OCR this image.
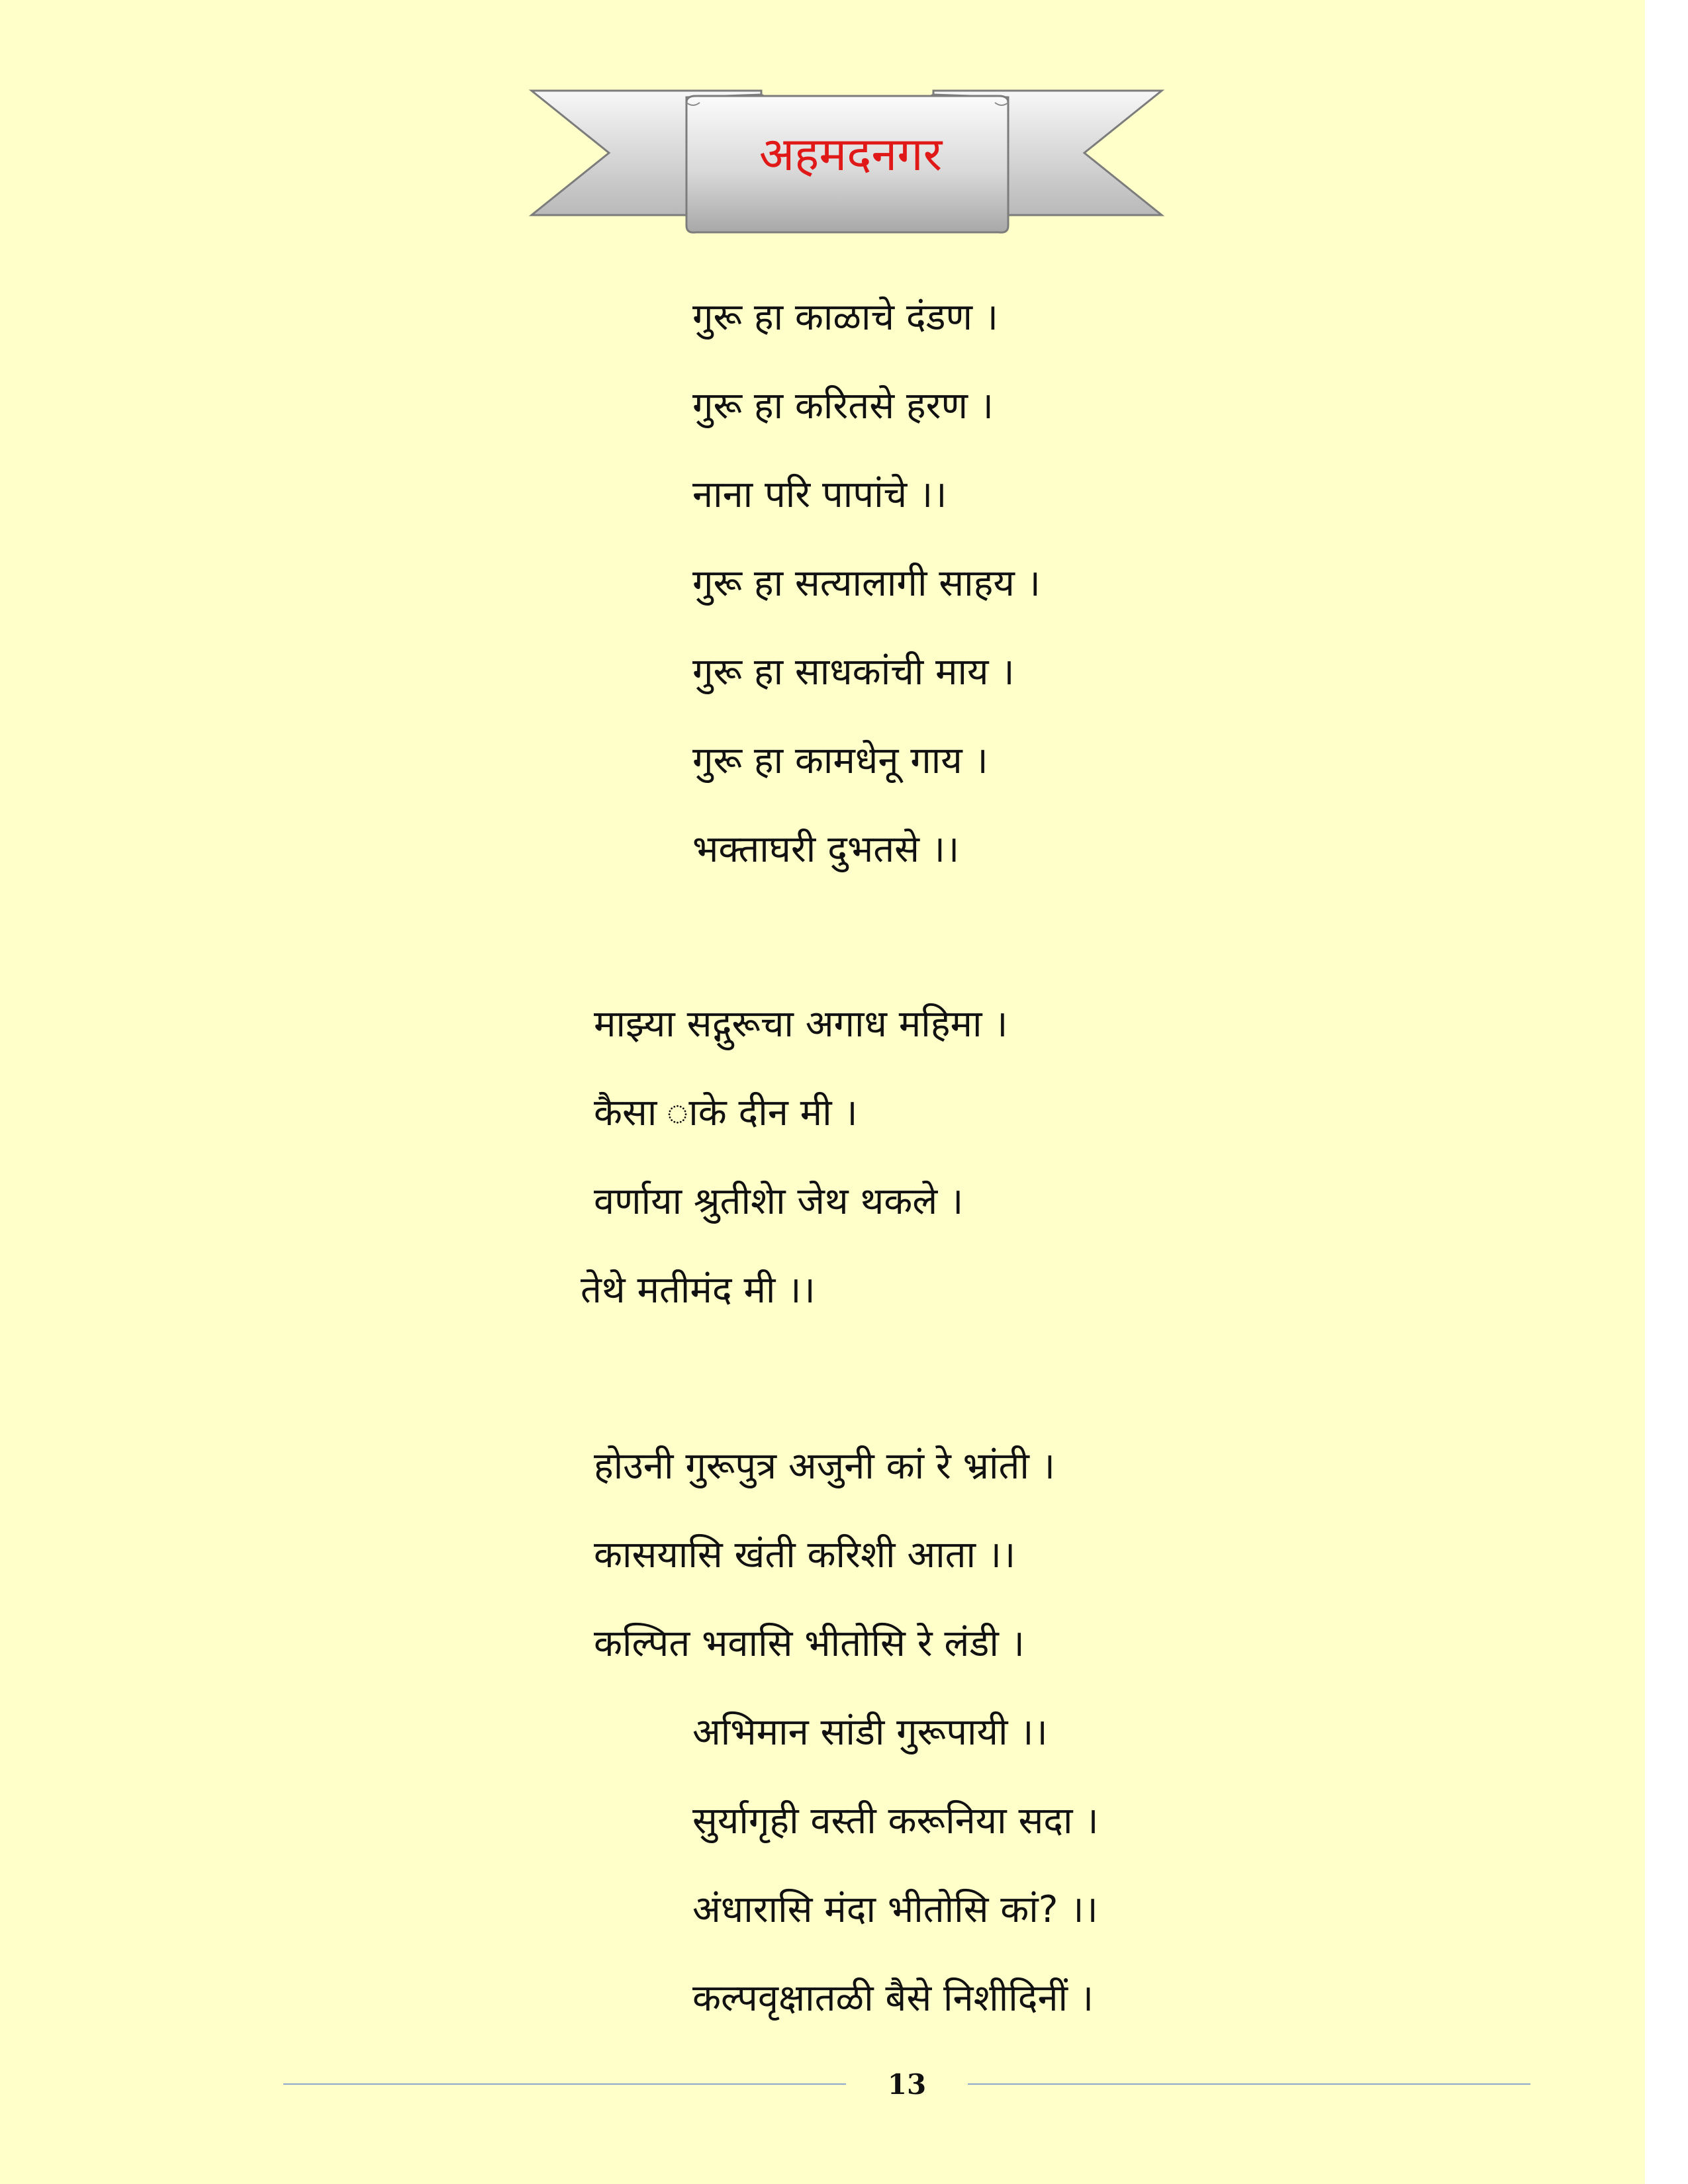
अहमदनगर

गुरू हा काळाचे दंडण ।

गुरू हा करितसे हरण ।

नाना परि पापांचे ।।

गुरू हा सत्यालागी साहय ।

गुरू हा साधकांची माय ।

गुरू हा कामधेनू गाय ।

भक्ताघरी दुभतसे ।।

माझ्या सद्गुरूचा अगाध महिमा ।

कैसा ाके दीन मी ।

वर्णाया श्रुतीशेा जेथ थकले ।

तेथे मतीमंद मी ।।

होउनी गुरूपुत्र अजुनी कां रे भ्रांती ।

कासयासि खंती करिशी आता ।।

कल्पित भवासि भीतोसि रे लंडी ।

अभिमान सांडी गुरूपायी ।।

सुर्यागृही वस्ती करूनिया सदा ।

अंधारासि मंदा भीतोसि कां? ।।

कल्पवृक्षातळी बैसे निशीदिनीं ।

13
